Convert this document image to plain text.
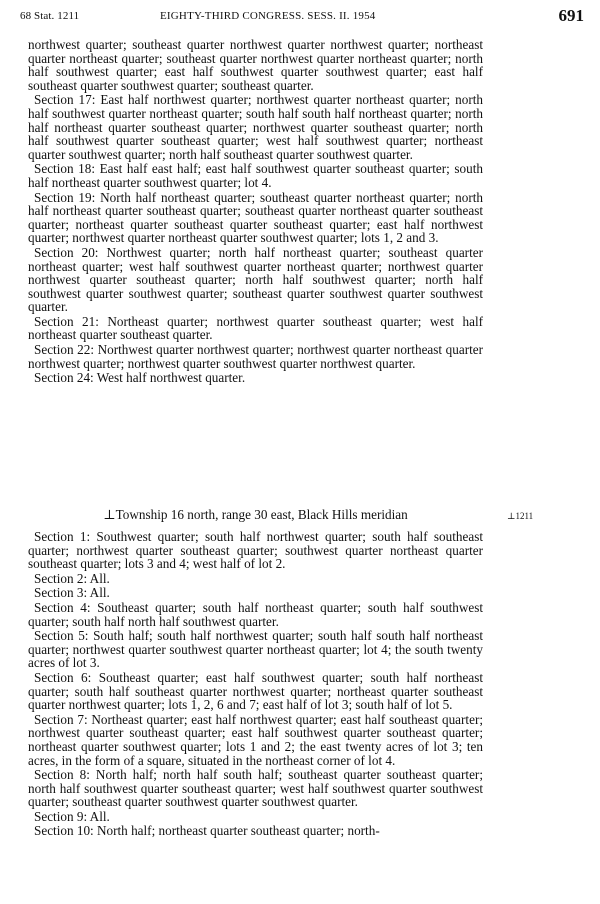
68 Stat. 1211	EIGHTY-THIRD CONGRESS. SESS. II. 1954	691

northwest quarter; southeast quarter northwest quarter northwest quarter; northeast quarter northeast quarter; southeast quarter northwest quarter northeast quarter; north half southwest quarter; east half southwest quarter southwest quarter; east half southeast quarter southwest quarter; southeast quarter.

Section 17: East half northwest quarter; northwest quarter northeast quarter; north half southwest quarter northeast quarter; south half south half northeast quarter; north half northeast quarter southeast quarter; northwest quarter southeast quarter; north half southwest quarter southeast quarter; west half southwest quarter; northeast quarter southwest quarter; north half southeast quarter southwest quarter.

Section 18: East half east half; east half southwest quarter southeast quarter; south half northeast quarter southwest quarter; lot 4.

Section 19: North half northeast quarter; southeast quarter northeast quarter; north half northeast quarter southeast quarter; southeast quarter northeast quarter southeast quarter; northeast quarter southeast quarter southeast quarter; east half northwest quarter; northwest quarter northeast quarter southwest quarter; lots 1, 2 and 3.

Section 20: Northwest quarter; north half northeast quarter; southeast quarter northeast quarter; west half southwest quarter northeast quarter; northwest quarter northwest quarter southeast quarter; north half southwest quarter; north half southwest quarter southwest quarter; southeast quarter southwest quarter southwest quarter.

Section 21: Northeast quarter; northwest quarter southeast quarter; west half northeast quarter southeast quarter.

Section 22: Northwest quarter northwest quarter; northwest quarter northeast quarter northwest quarter; northwest quarter southwest quarter northwest quarter.

Section 24: West half northwest quarter.

⊥Township 16 north, range 30 east, Black Hills meridian	⊥1211

Section 1: Southwest quarter; south half northwest quarter; south half southeast quarter; northwest quarter southeast quarter; southwest quarter northeast quarter southeast quarter; lots 3 and 4; west half of lot 2.

Section 2: All.

Section 3: All.

Section 4: Southeast quarter; south half northeast quarter; south half southwest quarter; south half north half southwest quarter.

Section 5: South half; south half northwest quarter; south half south half northeast quarter; northwest quarter southwest quarter northeast quarter; lot 4; the south twenty acres of lot 3.

Section 6: Southeast quarter; east half southwest quarter; south half northeast quarter; south half southeast quarter northwest quarter; northeast quarter southeast quarter northwest quarter; lots 1, 2, 6 and 7; east half of lot 3; south half of lot 5.

Section 7: Northeast quarter; east half northwest quarter; east half southeast quarter; northwest quarter southeast quarter; east half southwest quarter southeast quarter; northeast quarter southwest quarter; lots 1 and 2; the east twenty acres of lot 3; ten acres, in the form of a square, situated in the northeast corner of lot 4.

Section 8: North half; north half south half; southeast quarter southeast quarter; north half southwest quarter southeast quarter; west half southwest quarter southwest quarter; southeast quarter southwest quarter southwest quarter.

Section 9: All.

Section 10: North half; northeast quarter southeast quarter; north-
